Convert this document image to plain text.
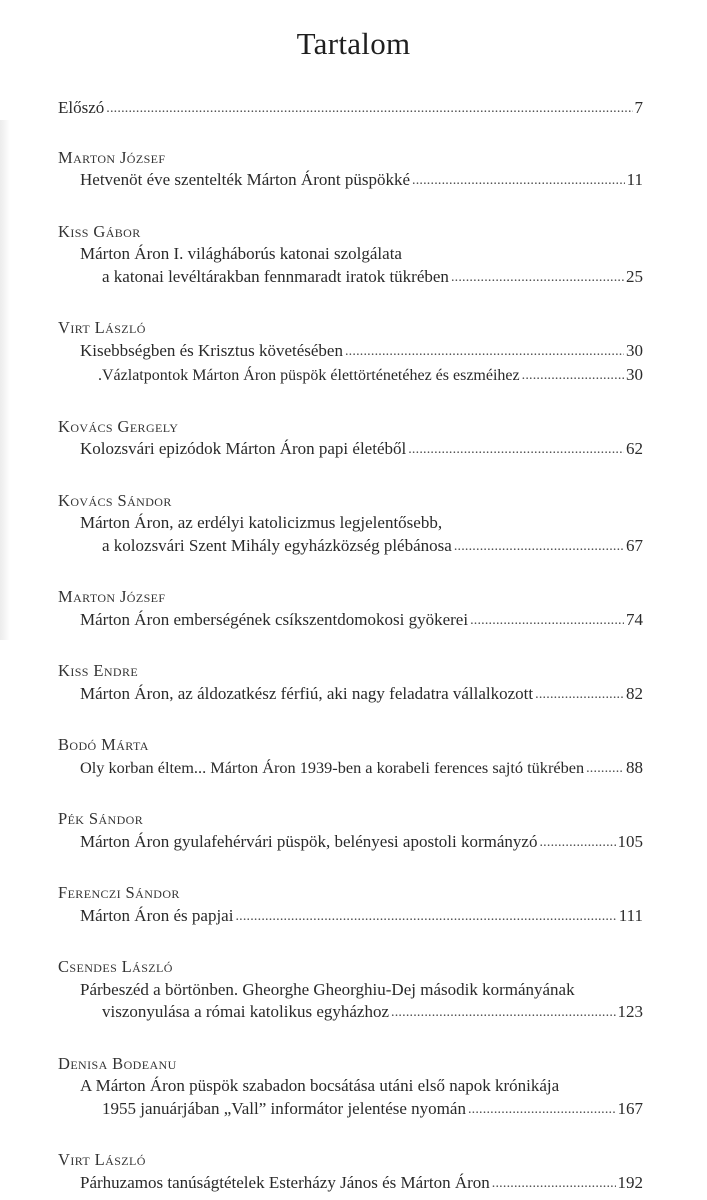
Tartalom
Előszó .....	7
Marton József
Hetvenöt éve szentelték Márton Áront püspökké .....	11
Kiss Gábor
Márton Áron I. világháborús katonai szolgálata
a katonai levéltárakban fennmaradt iratok tükrében .....	25
Virt László
Kisebbségben és Krisztus követésében .....	30
.Vázlatpontok Márton Áron püspök élettörténetéhez és eszméihez .....	30
Kovács Gergely
Kolozsvári epizódok Márton Áron papi életéből .....	62
Kovács Sándor
Márton Áron, az erdélyi katolicizmus legjelentősebb,
a kolozsvári Szent Mihály egyházközség plébánosa .....	67
Marton József
Márton Áron emberségének csíkszentdomokosi gyökerei .....	74
Kiss Endre
Márton Áron, az áldozatkész férfiú, aki nagy feladatra vállalkozott .....	82
Bodó Márta
Oly korban éltem... Márton Áron 1939-ben a korabeli ferences sajtó tükrében ..... 88
Pék Sándor
Márton Áron gyulafehérvári püspök, belényesi apostoli kormányzó .....	105
Ferenczi Sándor
Márton Áron és papjai .....	111
Csendes László
Párbeszéd a börtönben. Gheorghe Gheorghiu-Dej második kormányának
viszonyulása a római katolikus egyházhoz .....	123
Denisa Bodeanu
A Márton Áron püspök szabadon bocsátása utáni első napok krónikája
1955 januárjában „Vall” informátor jelentése nyomán .....	167
Virt László
Párhuzamos tanúságtételek Esterházy János és Márton Áron .....	192
